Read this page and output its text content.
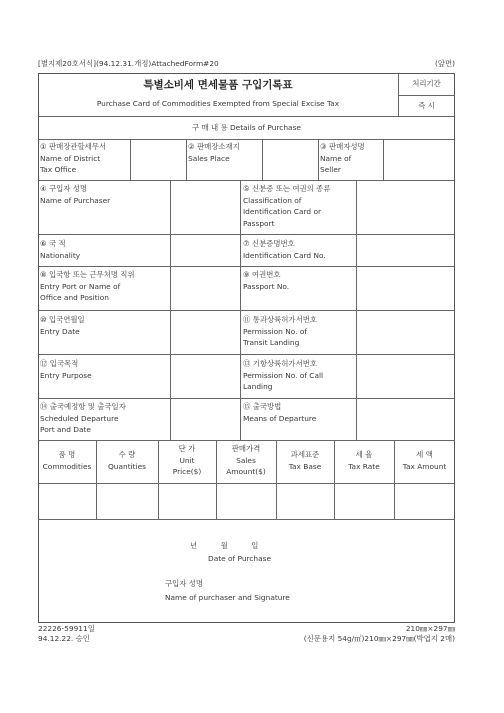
[별지제20호서식](94.12.31.개정)AttachedForm#20	(앞면)
특별소비세 면세물품 구입기록표
Purchase Card of Commodities Exempted from Special Excise Tax
처리기간
즉 시
구 매 내 용 Details of Purchase
① 판매장관할세무서
Name of District
Tax Office
② 판매장소재지
Sales Place
③ 판매자성명
Name of
Seller
④ 구입자 성명
Name of Purchaser
⑤ 신분증 또는 여권의 종류
Classification of
Identification Card or
Passport
⑥ 국 적
Nationality
⑦ 신분증명번호
Identification Card No.
⑧ 입국항 또는 근무처명 직위
Entry Port or Name of
Office and Position
⑨ 여권번호
Passport No.
⑩ 입국연월일
Entry Date
⑪ 통과상륙허가서번호
Permission No. of
Transit Landing
⑫ 입국목적
Entry Purpose
⑬ 기항상륙허가서번호
Permission No. of Call
Landing
⑭ 출국예정항 및 출국일자
Scheduled Departure
Port and Date
⑮ 출국방법
Means of Departure
품 명
Commodities
수 량
Quantities
단 가
Unit
Price($)
판매가격
Sales
Amount($)
과세표준
Tax Base
세 율
Tax Rate
세 액
Tax Amount
년          월          일
Date of Purchase
구입자 성명
Name of purchaser and Signature
22226-59911일
94.12.22. 승인
210㎜×297㎜
(신문용지 54g/㎡)210㎜×297㎜(박엽지 2매)
